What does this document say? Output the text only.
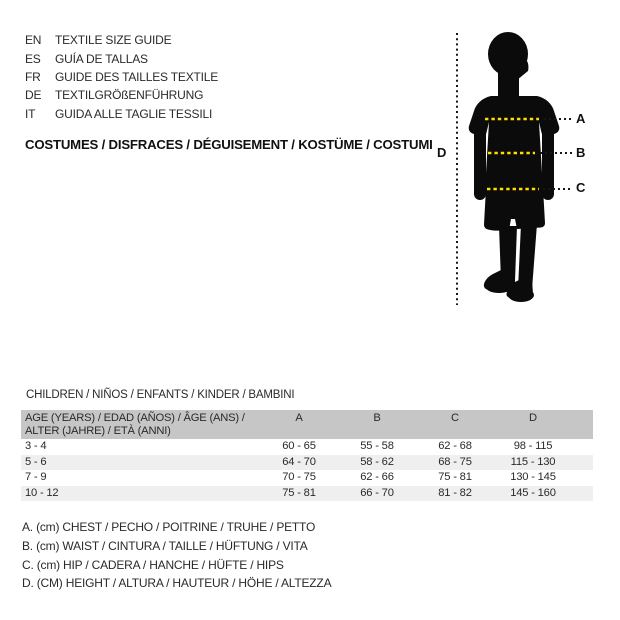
EN	TEXTILE SIZE GUIDE
ES	GUÍA DE TALLAS
FR	GUIDE DES TAILLES TEXTILE
DE	TEXTILGRÖßENFÜHRUNG
IT	GUIDA ALLE TAGLIE TESSILI
COSTUMES / DISFRACES / DÉGUISEMENT / KOSTÜME / COSTUMI
A
B
C
D
CHILDREN / NIÑOS / ENFANTS / KINDER / BAMBINI
AGE (YEARS) / EDAD (AÑOS) / ÂGE (ANS) /
ALTER (JAHRE) / ETÀ (ANNI)
A	B	C	D
3 - 4	60 - 65	55 - 58	62 - 68	98 - 115
5 - 6	64 - 70	58 - 62	68 - 75	115 - 130
7 - 9	70 - 75	62 - 66	75 - 81	130 - 145
10 - 12	75 - 81	66 - 70	81 - 82	145 - 160
A. (cm) CHEST / PECHO / POITRINE / TRUHE / PETTO
B. (cm) WAIST / CINTURA / TAILLE / HÜFTUNG / VITA
C. (cm) HIP / CADERA / HANCHE / HÜFTE / HIPS
D. (CM) HEIGHT / ALTURA / HAUTEUR / HÖHE / ALTEZZA
